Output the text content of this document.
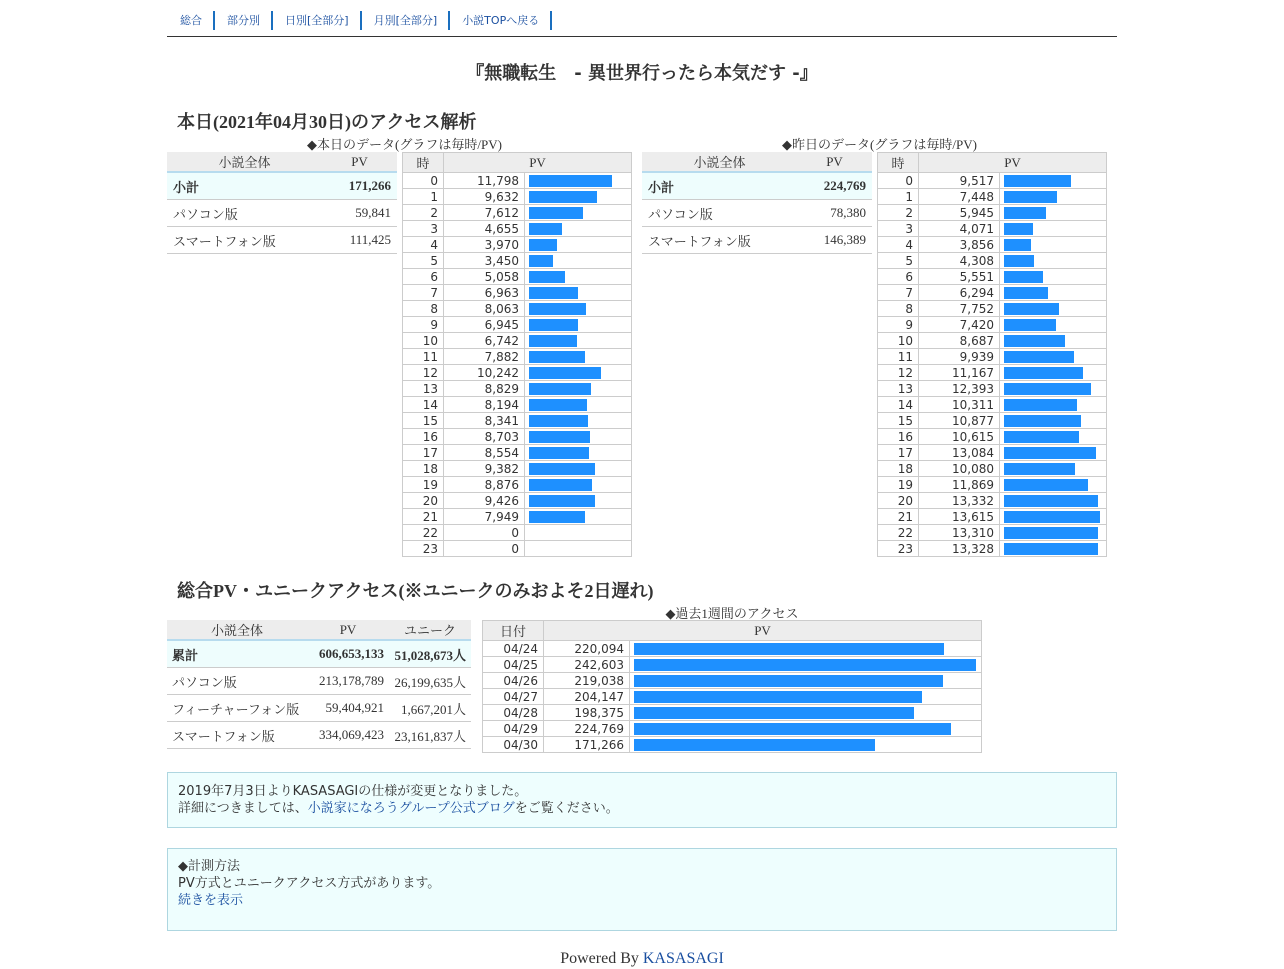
総合	部分別	日別[全部分]	月別[全部分]	小説TOPへ戻る
『無職転生　- 異世界行ったら本気だす -』
本日(2021年04月30日)のアクセス解析
◆本日のデータ(グラフは毎時/PV)	◆昨日のデータ(グラフは毎時/PV)
小説全体	PV
小計	171,266
パソコン版	59,841
スマートフォン版	111,425
時	PV	
0	11,798	

1	9,632	

2	7,612	

3	4,655	

4	3,970	

5	3,450	

6	5,058	

7	6,963	

8	8,063	

9	6,945	

10	6,742	

11	7,882	

12	10,242	

13	8,829	

14	8,194	

15	8,341	

16	8,703	

17	8,554	

18	9,382	

19	8,876	

20	9,426	

21	7,949	

22	0	

23	0	
小説全体	PV
小計	224,769
パソコン版	78,380
スマートフォン版	146,389
時	PV	
0	9,517	

1	7,448	

2	5,945	

3	4,071	

4	3,856	

5	4,308	

6	5,551	

7	6,294	

8	7,752	

9	7,420	

10	8,687	

11	9,939	

12	11,167	

13	12,393	

14	10,311	

15	10,877	

16	10,615	

17	13,084	

18	10,080	

19	11,869	

20	13,332	

21	13,615	

22	13,310	

23	13,328	
総合PV・ユニークアクセス(※ユニークのみおよそ2日遅れ)
小説全体	PV	ユニーク
累計	606,653,133	51,028,673人
パソコン版	213,178,789	26,199,635人
フィーチャーフォン版	59,404,921	1,667,201人
スマートフォン版	334,069,423	23,161,837人
◆過去1週間のアクセス
日付	PV	
04/24	220,094	

04/25	242,603	

04/26	219,038	

04/27	204,147	

04/28	198,375	

04/29	224,769	

04/30	171,266	
2019年7月3日よりKASASAGIの仕様が変更となりました。
詳細につきましては、小説家になろうグループ公式ブログをご覧ください。
◆計測方法
PV方式とユニークアクセス方式があります。
続きを表示
Powered By KASASAGI
